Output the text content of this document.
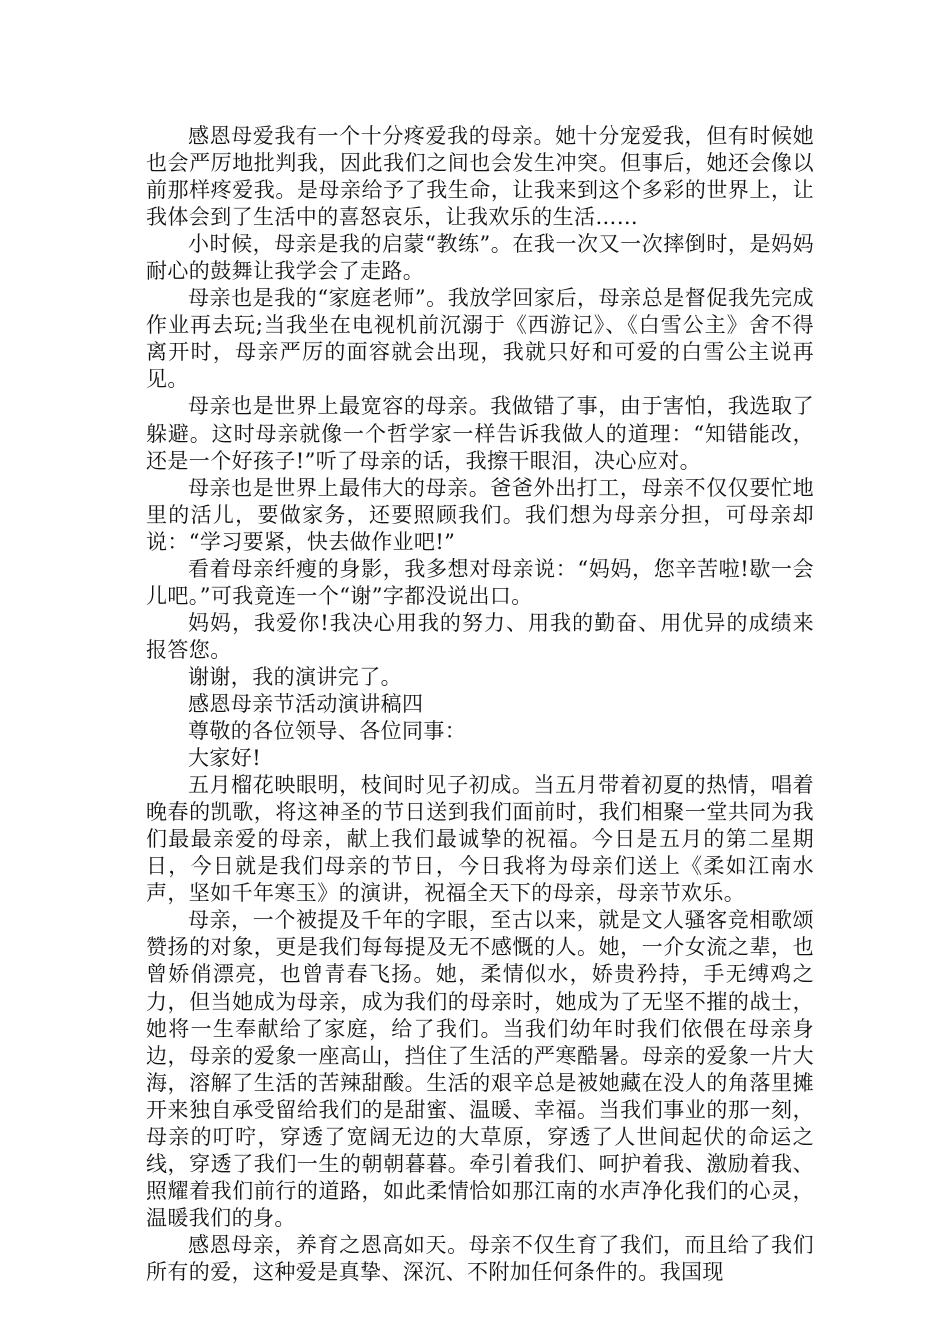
感恩母爱我有一个十分疼爱我的母亲。她十分宠爱我，但有时候她也会严厉地批判我，因此我们之间也会发生冲突。但事后，她还会像以前那样疼爱我。是母亲给予了我生命，让我来到这个多彩的世界上，让我体会到了生活中的喜怒哀乐，让我欢乐的生活……

小时候，母亲是我的启蒙“教练”。在我一次又一次摔倒时，是妈妈耐心的鼓舞让我学会了走路。

母亲也是我的“家庭老师”。我放学回家后，母亲总是督促我先完成作业再去玩;当我坐在电视机前沉溺于《西游记》、《白雪公主》舍不得离开时，母亲严厉的面容就会出现，我就只好和可爱的白雪公主说再见。

母亲也是世界上最宽容的母亲。我做错了事，由于害怕，我选取了躲避。这时母亲就像一个哲学家一样告诉我做人的道理：“知错能改，还是一个好孩子!”听了母亲的话，我擦干眼泪，决心应对。

母亲也是世界上最伟大的母亲。爸爸外出打工，母亲不仅仅要忙地里的活儿，要做家务，还要照顾我们。我们想为母亲分担，可母亲却说：“学习要紧，快去做作业吧!”

看着母亲纤瘦的身影，我多想对母亲说：“妈妈，您辛苦啦!歇一会儿吧。”可我竟连一个“谢”字都没说出口。

妈妈，我爱你!我决心用我的努力、用我的勤奋、用优异的成绩来报答您。

谢谢，我的演讲完了。

感恩母亲节活动演讲稿四

尊敬的各位领导、各位同事：

大家好!

五月榴花映眼明，枝间时见子初成。当五月带着初夏的热情，唱着晚春的凯歌，将这神圣的节日送到我们面前时，我们相聚一堂共同为我们最最亲爱的母亲，献上我们最诚挚的祝福。今日是五月的第二星期日，今日就是我们母亲的节日，今日我将为母亲们送上《柔如江南水声，坚如千年寒玉》的演讲，祝福全天下的母亲，母亲节欢乐。

母亲，一个被提及千年的字眼，至古以来，就是文人骚客竞相歌颂赞扬的对象，更是我们每每提及无不感慨的人。她，一介女流之辈，也曾娇俏漂亮，也曾青春飞扬。她，柔情似水，娇贵矜持，手无缚鸡之力，但当她成为母亲，成为我们的母亲时，她成为了无坚不摧的战士，她将一生奉献给了家庭，给了我们。当我们幼年时我们依偎在母亲身边，母亲的爱象一座高山，挡住了生活的严寒酷暑。母亲的爱象一片大海，溶解了生活的苦辣甜酸。生活的艰辛总是被她藏在没人的角落里摊开来独自承受留给我们的是甜蜜、温暖、幸福。当我们事业的那一刻，母亲的叮咛，穿透了宽阔无边的大草原，穿透了人世间起伏的命运之线，穿透了我们一生的朝朝暮暮。牵引着我们、呵护着我、激励着我、照耀着我们前行的道路，如此柔情恰如那江南的水声净化我们的心灵，温暖我们的身。

感恩母亲，养育之恩高如天。母亲不仅生育了我们，而且给了我们所有的爱，这种爱是真挚、深沉、不附加任何条件的。我国现
